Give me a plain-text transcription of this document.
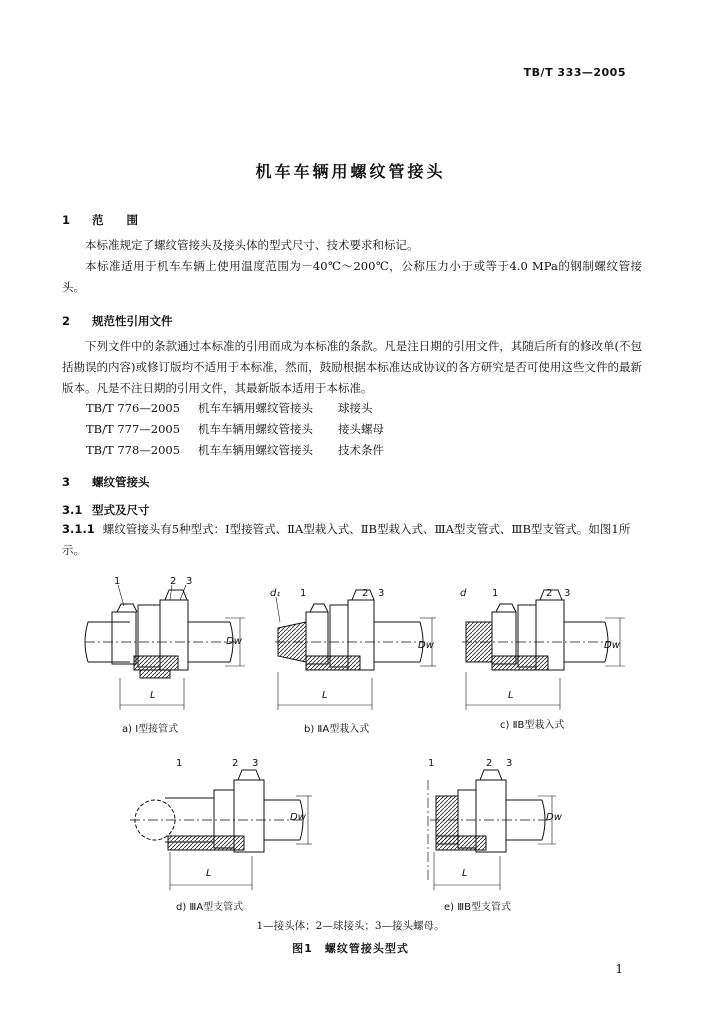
TB/T 333—2005
机车车辆用螺纹管接头
1 范　　围

本标准规定了螺纹管接头及接头体的型式尺寸、技术要求和标记。

本标准适用于机车车辆上使用温度范围为－40℃～200℃，公称压力小于或等于4.0 MPa的钢制螺纹管接头。

2 规范性引用文件

下列文件中的条款通过本标准的引用而成为本标准的条款。凡是注日期的引用文件，其随后所有的修改单(不包括勘误的内容)或修订版均不适用于本标准，然而，鼓励根据本标准达成协议的各方研究是否可使用这些文件的最新版本。凡是不注日期的引用文件，其最新版本适用于本标准。

TB/T 776—2005 机车车辆用螺纹管接头 球接头
TB/T 777—2005 机车车辆用螺纹管接头 接头螺母
TB/T 778—2005 机车车辆用螺纹管接头 技术条件
3 螺纹管接头
3.1 型式及尺寸
3.1.1 螺纹管接头有5种型式：Ⅰ型接管式、ⅡA型栽入式、ⅡB型栽入式、ⅢA型支管式、ⅢB型支管式。如图1所示。
1	2 3
Dw
L
d₁ 1	2 3
Dw
L
d	1	2 3
Dw
L
1	2 3
Dw
L
1	2 3
Dw
L
a) Ⅰ型接管式	b) ⅡA型栽入式	c) ⅡB型栽入式
d) ⅢA型支管式	e) ⅢB型支管式
1—接头体；2—球接头；3—接头螺母。
图1　螺纹管接头型式
1
